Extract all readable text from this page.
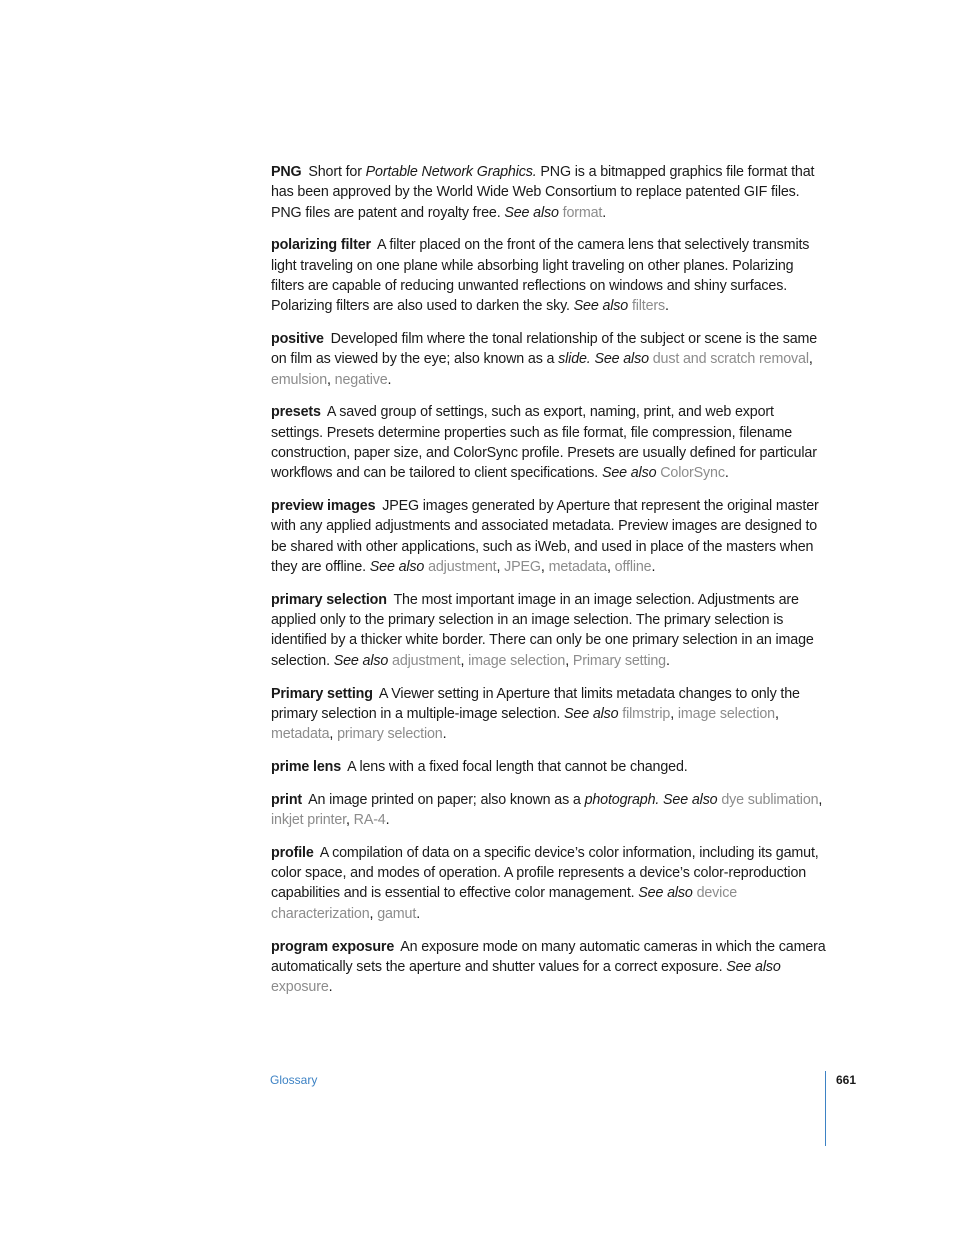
PNG Short for Portable Network Graphics. PNG is a bitmapped graphics file format that has been approved by the World Wide Web Consortium to replace patented GIF files. PNG files are patent and royalty free. See also format.

polarizing filter A filter placed on the front of the camera lens that selectively transmits light traveling on one plane while absorbing light traveling on other planes. Polarizing filters are capable of reducing unwanted reflections on windows and shiny surfaces. Polarizing filters are also used to darken the sky. See also filters.

positive Developed film where the tonal relationship of the subject or scene is the same on film as viewed by the eye; also known as a slide. See also dust and scratch removal, emulsion, negative.

presets A saved group of settings, such as export, naming, print, and web export settings. Presets determine properties such as file format, file compression, filename construction, paper size, and ColorSync profile. Presets are usually defined for particular workflows and can be tailored to client specifications. See also ColorSync.

preview images JPEG images generated by Aperture that represent the original master with any applied adjustments and associated metadata. Preview images are designed to be shared with other applications, such as iWeb, and used in place of the masters when they are offline. See also adjustment, JPEG, metadata, offline.

primary selection The most important image in an image selection. Adjustments are applied only to the primary selection in an image selection. The primary selection is identified by a thicker white border. There can only be one primary selection in an image selection. See also adjustment, image selection, Primary setting.

Primary setting A Viewer setting in Aperture that limits metadata changes to only the primary selection in a multiple-image selection. See also filmstrip, image selection, metadata, primary selection.

prime lens A lens with a fixed focal length that cannot be changed.

print An image printed on paper; also known as a photograph. See also dye sublimation, inkjet printer, RA-4.

profile A compilation of data on a specific device’s color information, including its gamut, color space, and modes of operation. A profile represents a device’s color-reproduction capabilities and is essential to effective color management. See also device characterization, gamut.

program exposure An exposure mode on many automatic cameras in which the camera automatically sets the aperture and shutter values for a correct exposure. See also exposure.

Glossary	661
